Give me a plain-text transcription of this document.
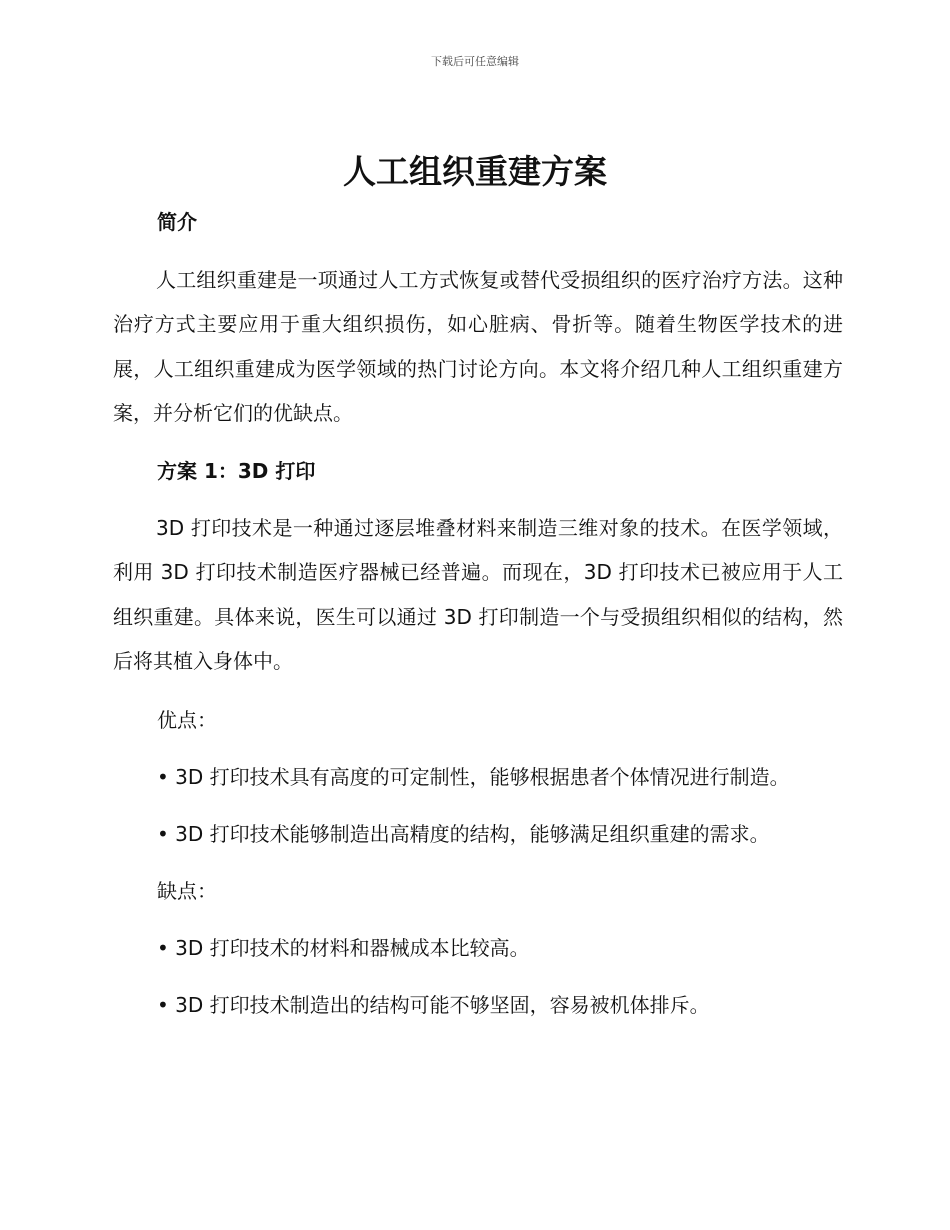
下载后可任意编辑
人工组织重建方案
简介

人工组织重建是一项通过人工方式恢复或替代受损组织的医疗治疗方法。这种治疗方式主要应用于重大组织损伤，如心脏病、骨折等。随着生物医学技术的进展，人工组织重建成为医学领域的热门讨论方向。本文将介绍几种人工组织重建方案，并分析它们的优缺点。

方案 1：3D 打印

3D 打印技术是一种通过逐层堆叠材料来制造三维对象的技术。在医学领域，利用 3D 打印技术制造医疗器械已经普遍。而现在，3D 打印技术已被应用于人工组织重建。具体来说，医生可以通过 3D 打印制造一个与受损组织相似的结构，然后将其植入身体中。

优点：

• 3D 打印技术具有高度的可定制性，能够根据患者个体情况进行制造。

• 3D 打印技术能够制造出高精度的结构，能够满足组织重建的需求。

缺点：

• 3D 打印技术的材料和器械成本比较高。

• 3D 打印技术制造出的结构可能不够坚固，容易被机体排斥。
